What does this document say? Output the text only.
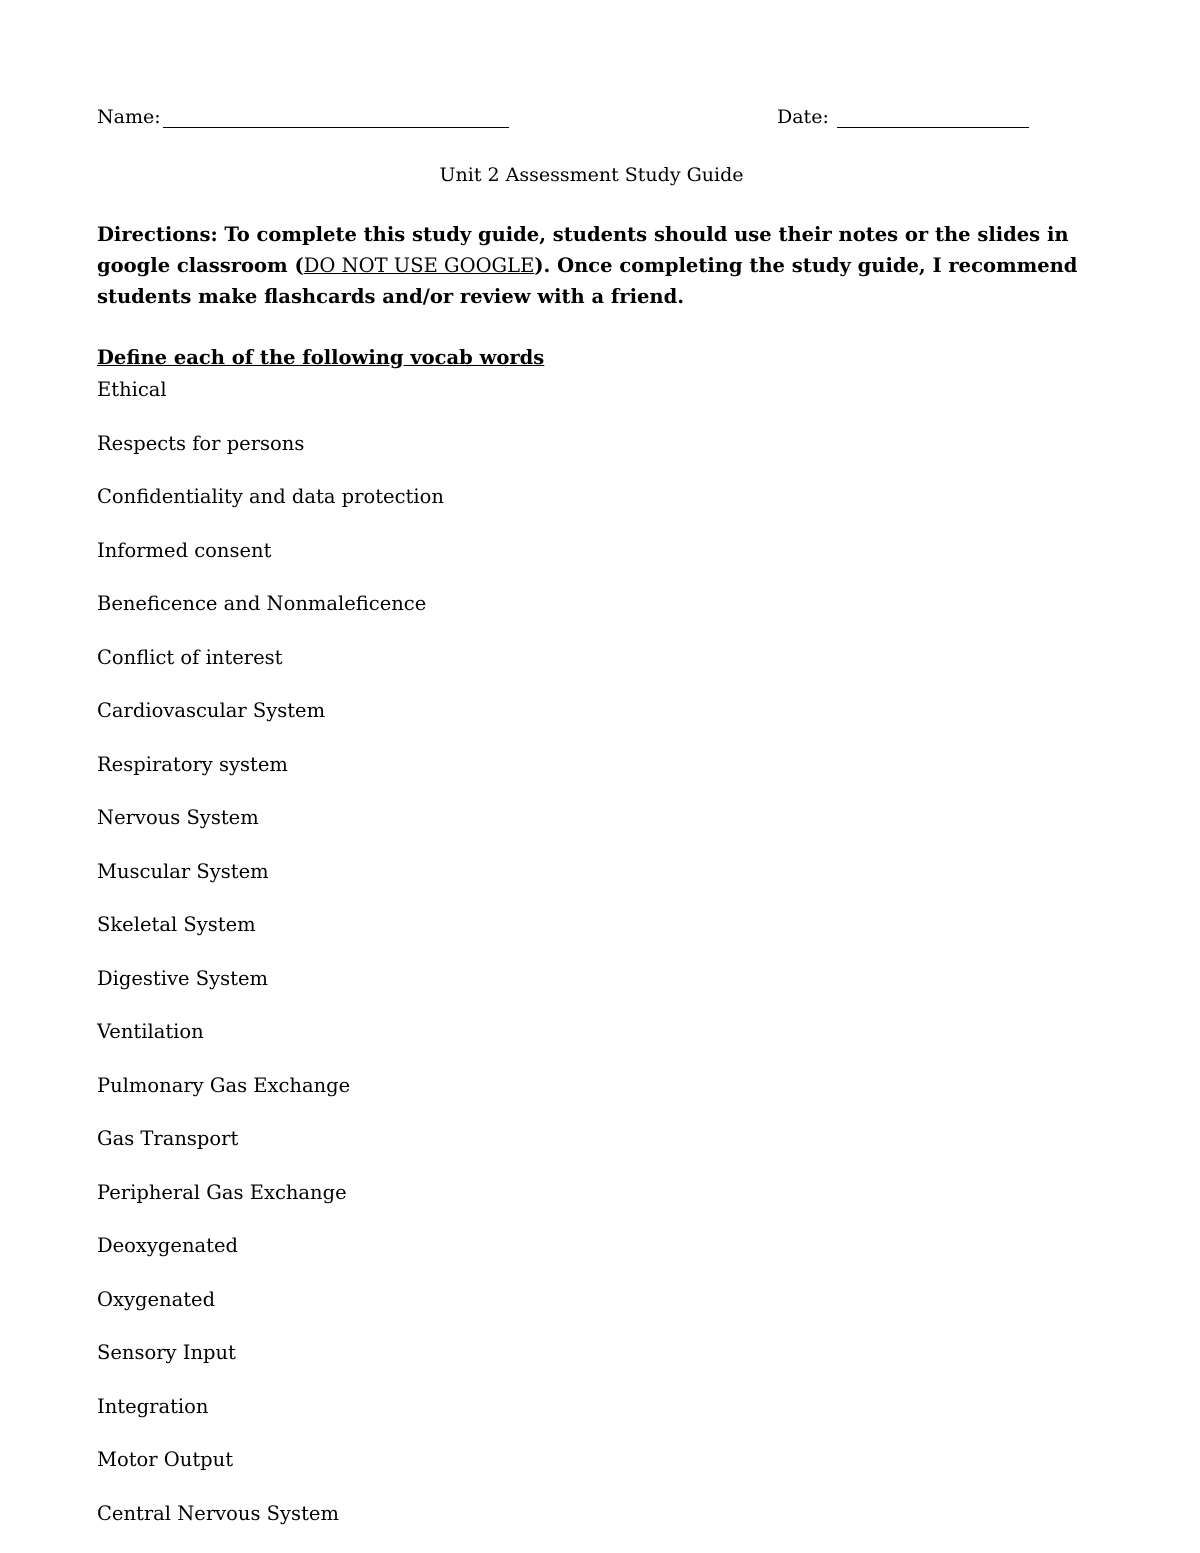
Name:	Date:
Unit 2 Assessment Study Guide
Directions: To complete this study guide, students should use their notes or the slides in google classroom (DO NOT USE GOOGLE). Once completing the study guide, I recommend students make flashcards and/or review with a friend.
Define each of the following vocab words
Ethical
Respects for persons
Confidentiality and data protection
Informed consent
Beneficence and Nonmaleficence
Conflict of interest
Cardiovascular System
Respiratory system
Nervous System
Muscular System
Skeletal System
Digestive System
Ventilation
Pulmonary Gas Exchange
Gas Transport
Peripheral Gas Exchange
Deoxygenated
Oxygenated
Sensory Input
Integration
Motor Output
Central Nervous System
